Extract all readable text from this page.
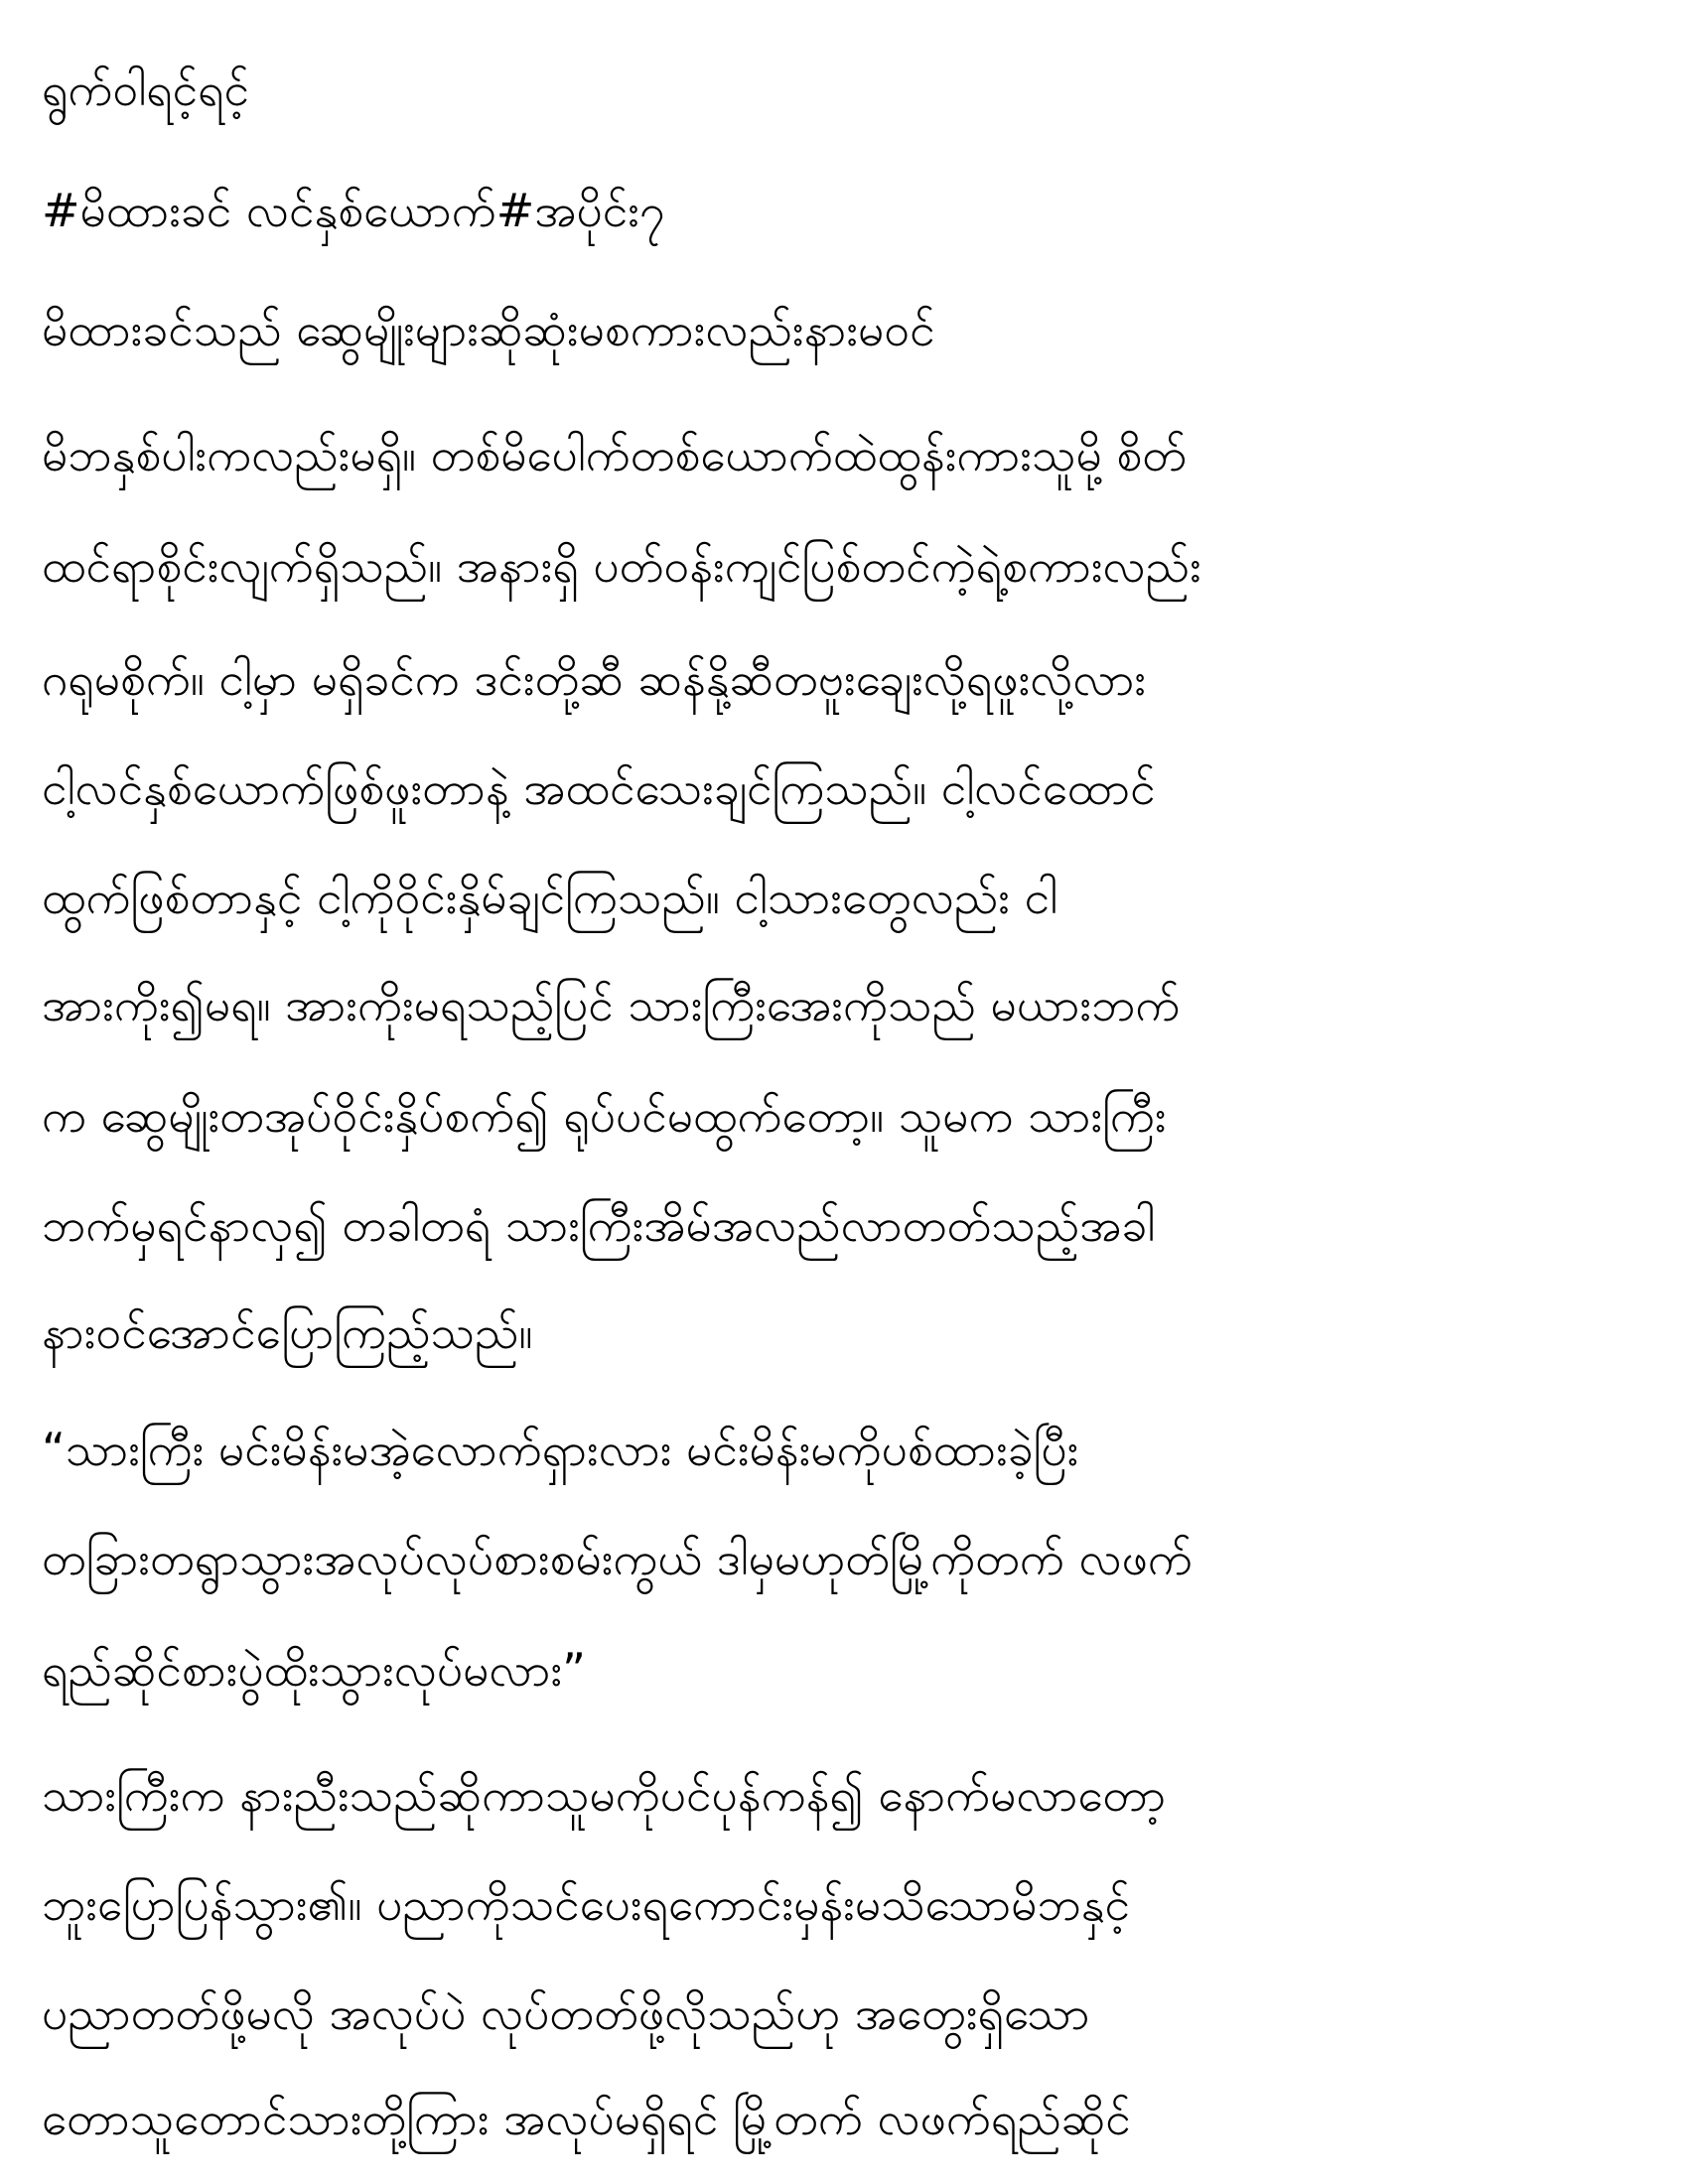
ရွက်ဝါရင့်ရင့်
#မိထားခင် လင်နှစ်ယောက်#အပိုင်း၇
မိထားခင်သည် ဆွေမျိုးများဆိုဆုံးမစကားလည်းနားမဝင်
မိဘနှစ်ပါးကလည်းမရှိ။ တစ်မိပေါက်တစ်ယောက်ထဲထွန်းကားသူမို့ စိတ်
ထင်ရာစိုင်းလျက်ရှိသည်။ အနားရှိ ပတ်ဝန်းကျင်ပြစ်တင်ကဲ့ရဲ့စကားလည်း
ဂရုမစိုက်။ ငါ့မှာ မရှိခင်က ဒင်းတို့ဆီ ဆန်နို့ဆီတဗူးချေးလို့ရဖူးလို့လား
ငါ့လင်နှစ်ယောက်ဖြစ်ဖူးတာနဲ့ အထင်သေးချင်ကြသည်။ ငါ့လင်ထောင်
ထွက်ဖြစ်တာနှင့် ငါ့ကိုဝိုင်းနှိမ်ချင်ကြသည်။ ငါ့သားတွေလည်း ငါ
အားကိုး၍မရ။ အားကိုးမရသည့်ပြင် သားကြီးအေးကိုသည် မယားဘက်
က ဆွေမျိုးတအုပ်ဝိုင်းနှိပ်စက်၍ ရုပ်ပင်မထွက်တော့။ သူမက သားကြီး
ဘက်မှရင်နာလှ၍ တခါတရံ သားကြီးအိမ်အလည်လာတတ်သည့်အခါ
နားဝင်အောင်ပြောကြည့်သည်။
“သားကြီး မင်းမိန်းမအဲ့လောက်ရှားလား မင်းမိန်းမကိုပစ်ထားခဲ့ပြီး
တခြားတရွာသွားအလုပ်လုပ်စားစမ်းကွယ် ဒါမှမဟုတ်မြို့ကိုတက် လဖက်
ရည်ဆိုင်စားပွဲထိုးသွားလုပ်မလား”
သားကြီးက နားညီးသည်ဆိုကာသူမကိုပင်ပုန်ကန်၍ နောက်မလာတော့
ဘူးပြောပြန်သွား၏။ ပညာကိုသင်ပေးရကောင်းမှန်းမသိသောမိဘနှင့်
ပညာတတ်ဖို့မလို အလုပ်ပဲ လုပ်တတ်ဖို့လိုသည်ဟု အတွေးရှိသော
တောသူတောင်သားတို့ကြား အလုပ်မရှိရင် မြို့တက် လဖက်ရည်ဆိုင်
